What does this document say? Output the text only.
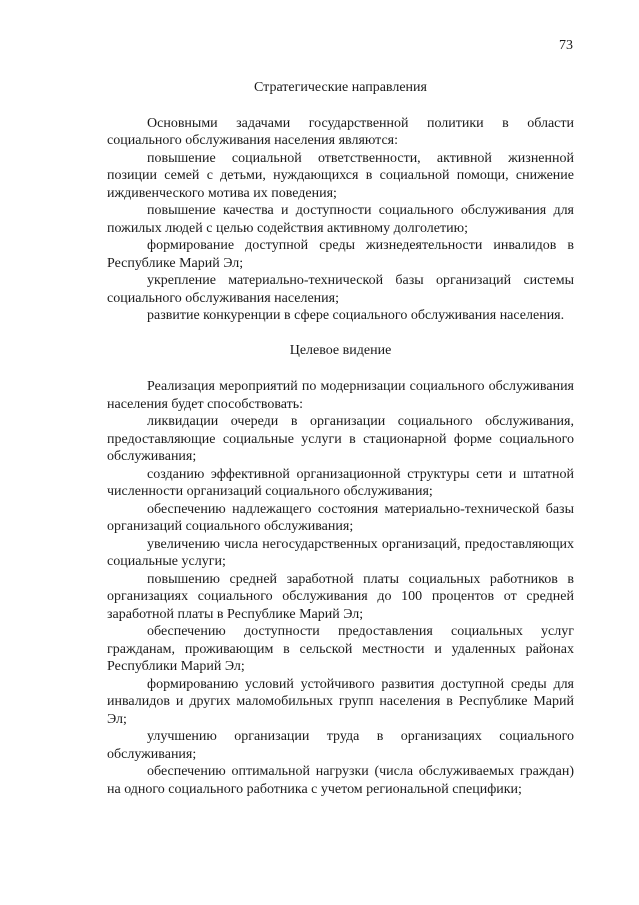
73

Стратегические направления

Основными задачами государственной политики в области социального обслуживания населения являются:

повышение социальной ответственности, активной жизненной позиции семей с детьми, нуждающихся в социальной помощи, снижение иждивенческого мотива их поведения;

повышение качества и доступности социального обслуживания для пожилых людей с целью содействия активному долголетию;

формирование доступной среды жизнедеятельности инвалидов в Республике Марий Эл;

укрепление материально-технической базы организаций системы социального обслуживания населения;

развитие конкуренции в сфере социального обслуживания населения.

Целевое видение

Реализация мероприятий по модернизации социального обслуживания населения будет способствовать:

ликвидации очереди в организации социального обслуживания, предоставляющие социальные услуги в стационарной форме социального обслуживания;

созданию эффективной организационной структуры сети и штатной численности организаций социального обслуживания;

обеспечению надлежащего состояния материально-технической базы организаций социального обслуживания;

увеличению числа негосударственных организаций, предоставляющих социальные услуги;

повышению средней заработной платы социальных работников в организациях социального обслуживания до 100 процентов от средней заработной платы в Республике Марий Эл;

обеспечению доступности предоставления социальных услуг гражданам, проживающим в сельской местности и удаленных районах Республики Марий Эл;

формированию условий устойчивого развития доступной среды для инвалидов и других маломобильных групп населения в Республике Марий Эл;

улучшению организации труда в организациях социального обслуживания;

обеспечению оптимальной нагрузки (числа обслуживаемых граждан) на одного социального работника с учетом региональной специфики;
